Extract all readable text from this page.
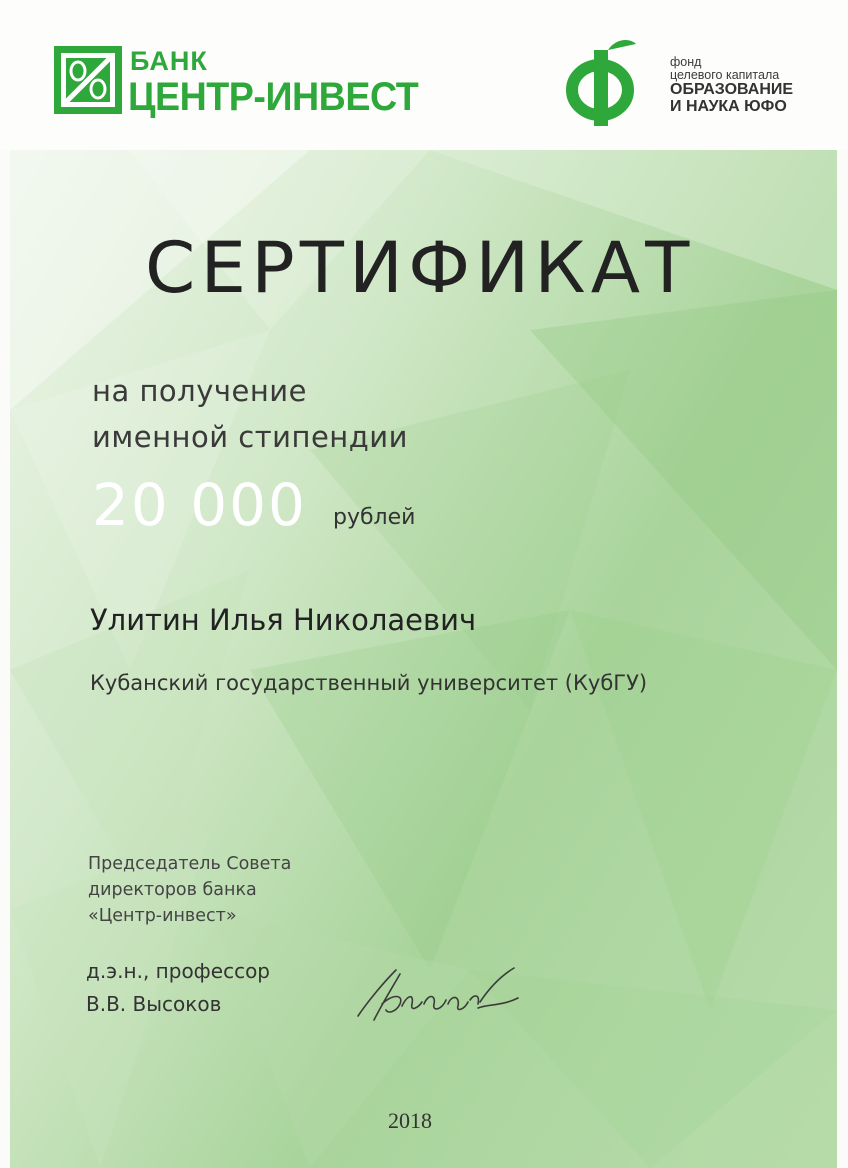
БАНК
ЦЕНТР-ИНВЕСТ
фонд
целевого капитала
ОБРАЗОВАНИЕ
И НАУКА ЮФО
СЕРТИФИКАТ
на получение
именной стипендии
20 000 рублей
Улитин Илья Николаевич
Кубанский государственный университет (КубГУ)
Председатель Совета
директоров банка
«Центр-инвест»
д.э.н., профессор
В.В. Высоков
2018
